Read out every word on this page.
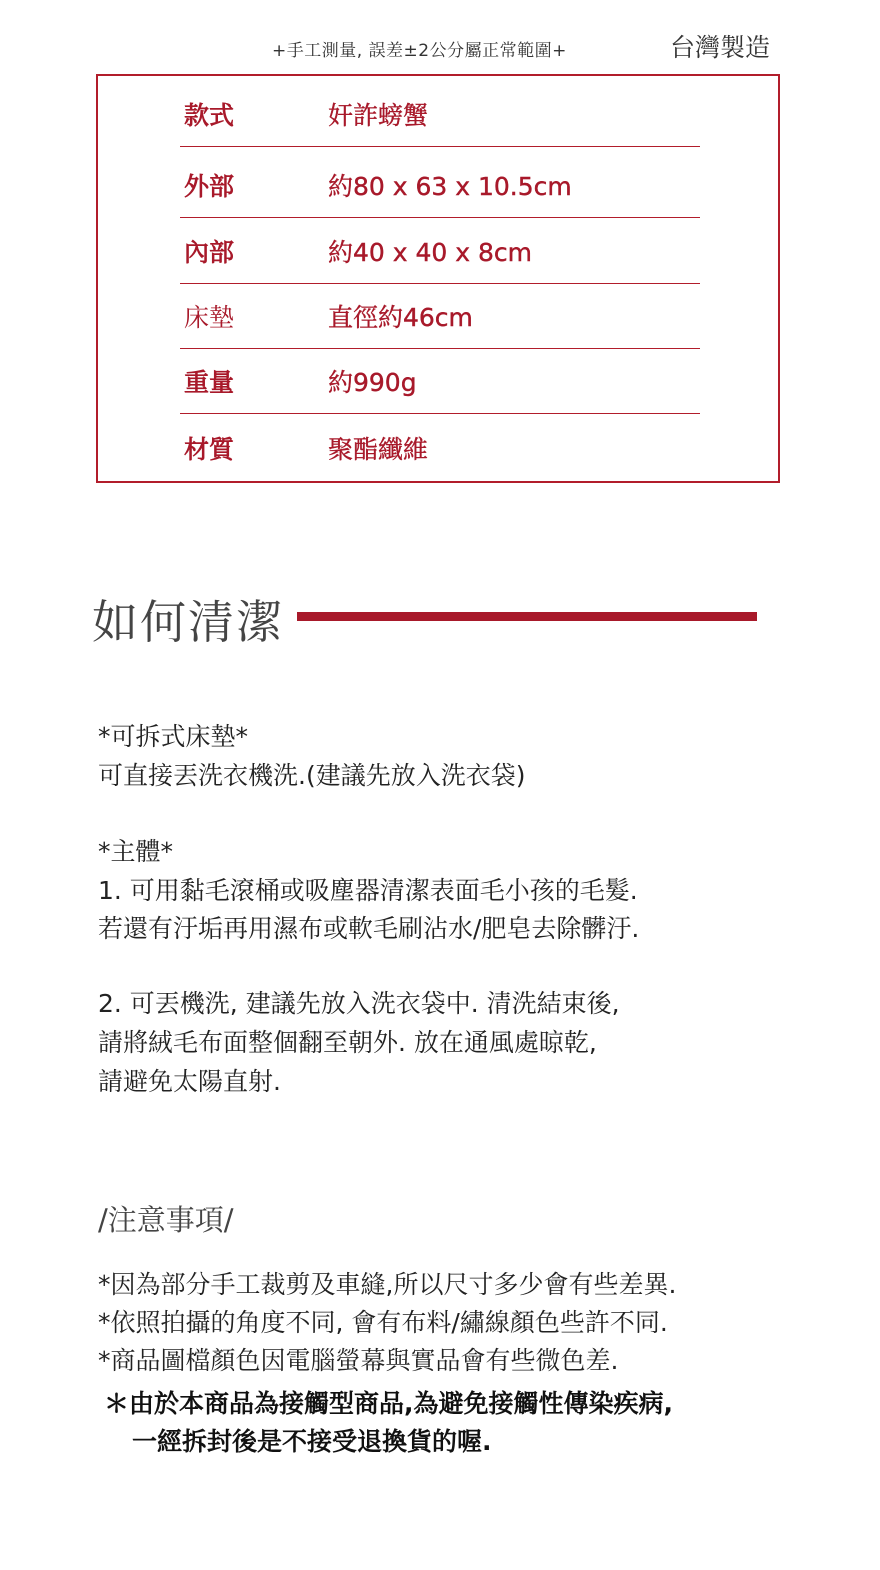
+手工測量, 誤差±2公分屬正常範圍+	台灣製造
款式	奸詐螃蟹
外部	約80 x 63 x 10.5cm
內部	約40 x 40 x 8cm
床墊	直徑約46cm
重量	約990g
材質	聚酯纖維
如何清潔
*可拆式床墊*
可直接丟洗衣機洗.(建議先放入洗衣袋)
*主體*
1. 可用黏毛滾桶或吸塵器清潔表面毛小孩的毛髮.
若還有汙垢再用濕布或軟毛刷沾水/肥皂去除髒汙.
2. 可丟機洗, 建議先放入洗衣袋中. 清洗結束後,
請將絨毛布面整個翻至朝外. 放在通風處晾乾,
請避免太陽直射.
/注意事項/
*因為部分手工裁剪及車縫,所以尺寸多少會有些差異.
*依照拍攝的角度不同, 會有布料/繡線顏色些許不同.
*商品圖檔顏色因電腦螢幕與實品會有些微色差.
＊由於本商品為接觸型商品,為避免接觸性傳染疾病,
一經拆封後是不接受退換貨的喔.
